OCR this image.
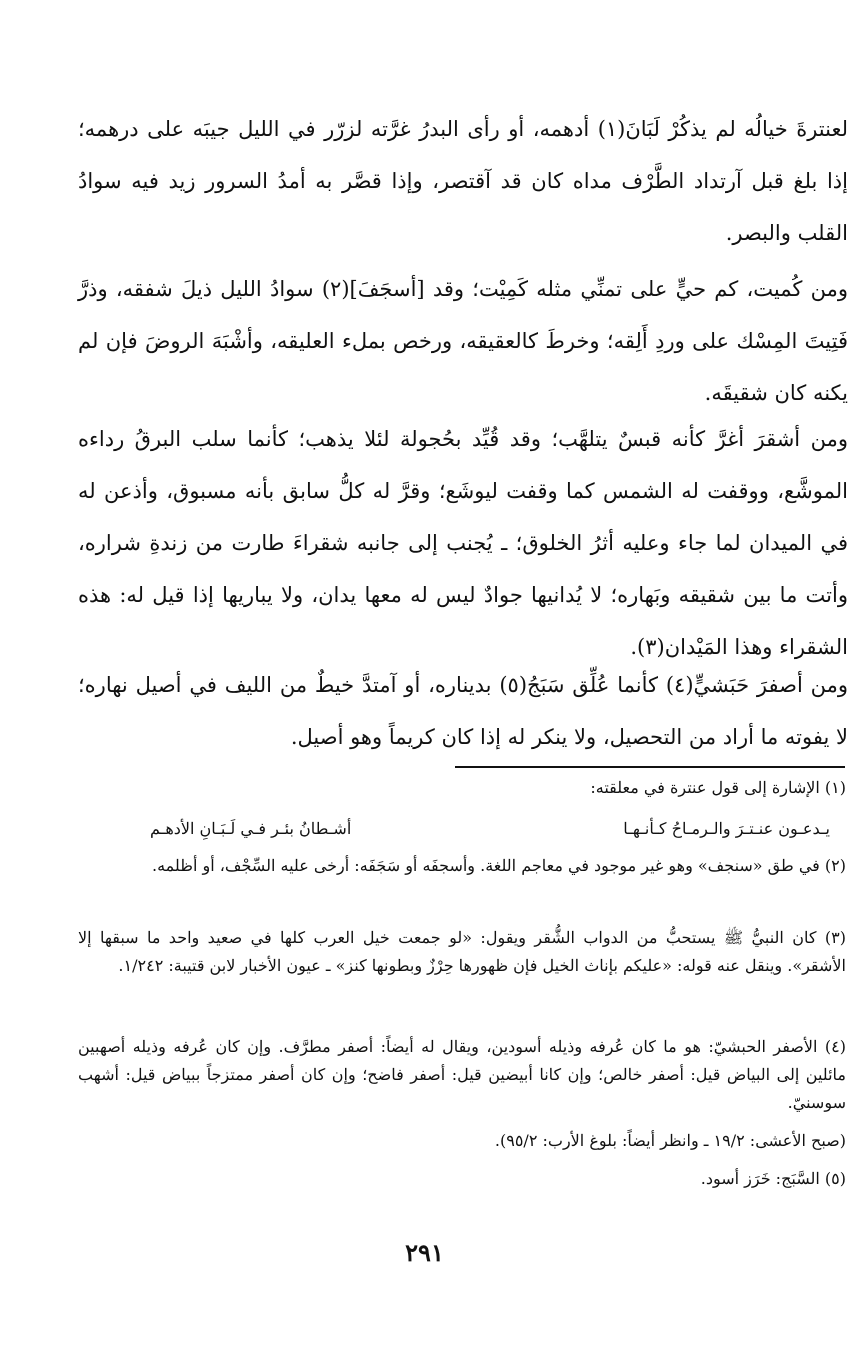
لعنترةَ خيالُه لم يذكُرْ لَبَانَ(١) أدهمه، أو رأى البدرُ غرَّته لزرّر في الليل جيبَه على درهمه؛ إذا بلغ قبل آرتداد الطَّرْف مداه كان قد آقتصر، وإذا قصَّر به أمدُ السرور زيد فيه سوادُ القلب والبصر.

ومن كُميت، كم حيٍّ على تمنِّي مثله كَمِيْت؛ وقد [أسجَفَ](٢) سوادُ الليل ذيلَ شفقه، وذرَّ فَتِيتَ المِسْك على وردِ أَلِقه؛ وخرطَ كالعقيقه، ورخص بملء العليقه، وأشْبَهَ الروضَ فإن لم يكنه كان شقيقَه.

ومن أشقرَ أغرَّ كأنه قبسٌ يتلهَّب؛ وقد قُيِّد بحُجولة لئلا يذهب؛ كأنما سلب البرقُ رداءه الموشَّع، ووقفت له الشمس كما وقفت ليوشَع؛ وقرَّ له كلُّ سابق بأنه مسبوق، وأذعن له في الميدان لما جاء وعليه أثرُ الخلوق؛ ـ يُجنب إلى جانبه شقراءَ طارت من زندةِ شراره، وأتت ما بين شقيقه وبَهاره؛ لا يُدانيها جوادٌ ليس له معها يدان، ولا يباريها إذا قيل له: هذه الشقراء وهذا المَيْدان(٣).

ومن أصفرَ حَبَشيٍّ(٤) كأنما عُلِّق سَبَجُ(٥) بديناره، أو آمتدَّ خيطٌ من الليف في أصيل نهاره؛ لا يفوته ما أراد من التحصيل، ولا ينكر له إذا كان كريماً وهو أصيل.

(١) الإشارة إلى قول عنترة في معلقته:
يـدعـون عنـتـرَ والـرمـاحُ كـأنـهـا
أشـطانُ بئـر فـي لَـبَـانِ الأدهـم
(٢) في طق «سنجف» وهو غير موجود في معاجم اللغة. وأسجفَه أو سَجَفَه: أرخى عليه السِّجْف، أو أظلمه.
(٣) كان النبيُّ ﷺ يستحبُّ من الدواب الشُّقر ويقول: «لو جمعت خيل العرب كلها في صعيد واحد ما سبقها إلا الأشقر». وينقل عنه قوله: «عليكم بإناث الخيل فإن ظهورها حِرْزٌ وبطونها كنز» ـ عيون الأخبار لابن قتيبة: ١/٢٤٢.
(٤) الأصفر الحبشيّ: هو ما كان عُرفه وذيله أسودين، ويقال له أيضاً: أصفر مطرَّف. وإن كان عُرفه وذيله أصهبين مائلين إلى البياض قيل: أصفر خالص؛ وإن كانا أبيضين قيل: أصفر فاضح؛ وإن كان أصفر ممتزجاً ببياض قيل: أشهب سوسنيّ.
(صبح الأعشى: ١٩/٢ ـ وانظر أيضاً: بلوغ الأرب: ٩٥/٢).
(٥) السَّبَج: خَرَز أسود.
٢٩١
